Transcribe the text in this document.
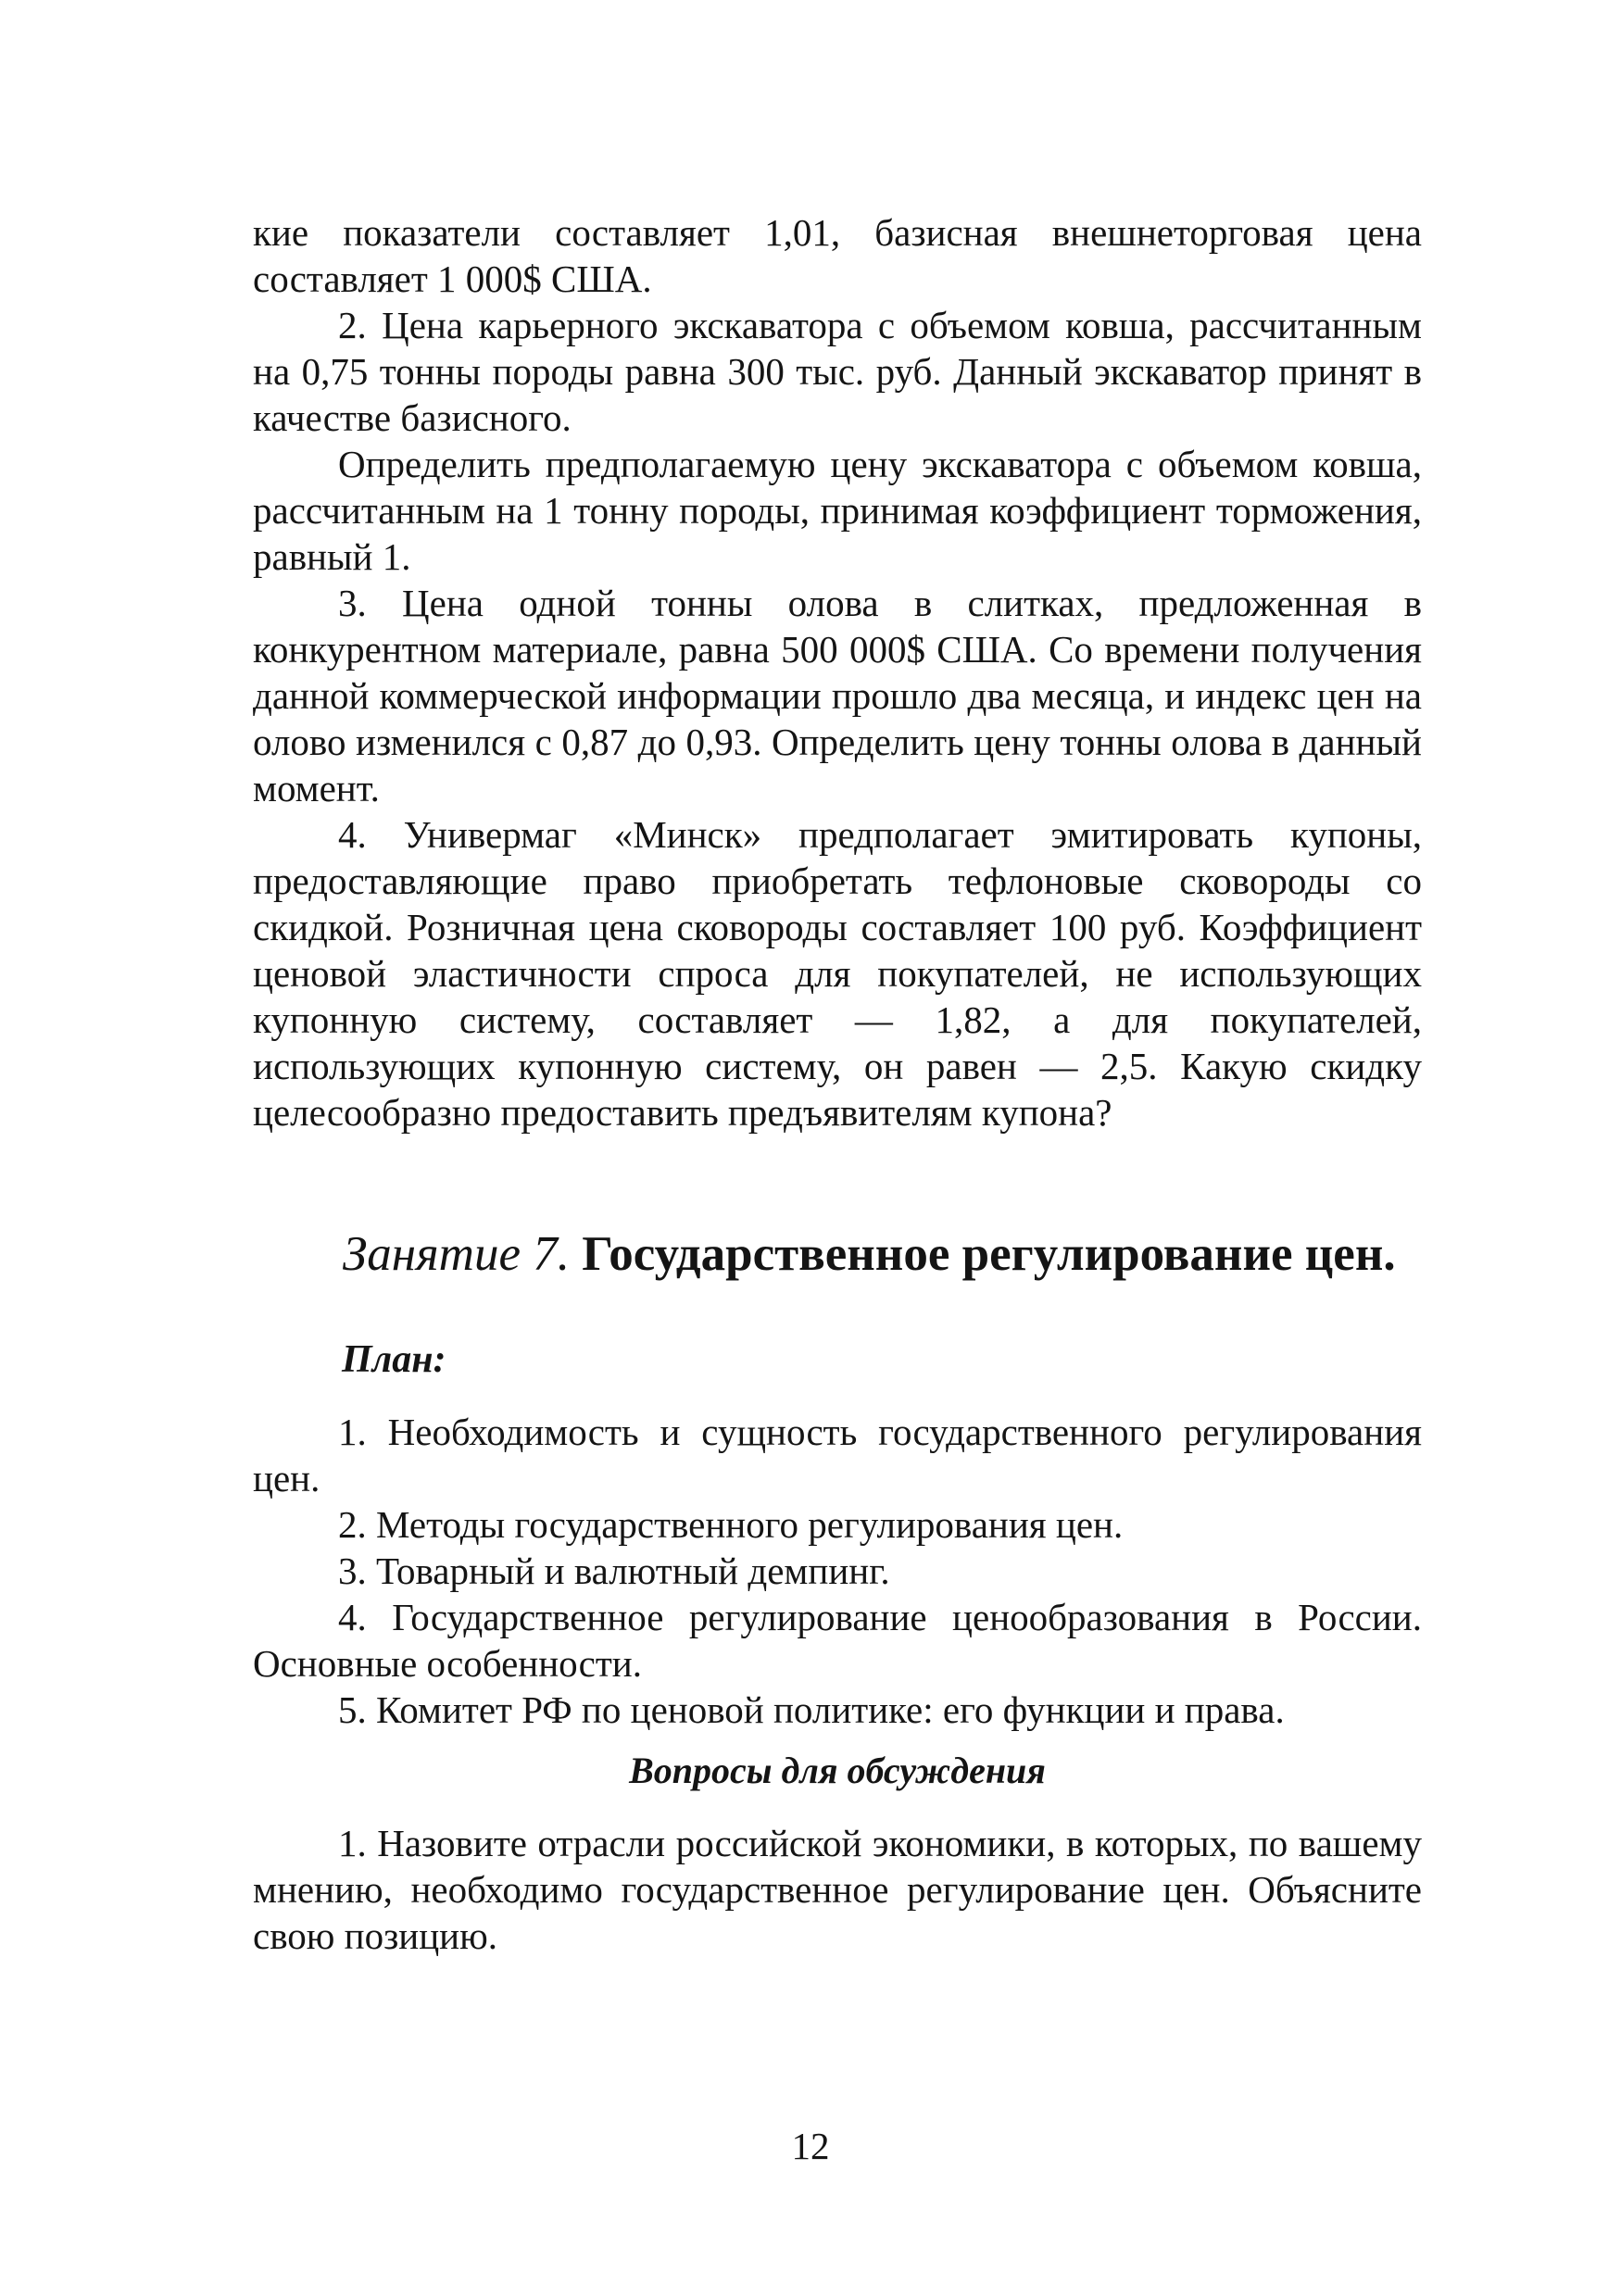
кие показатели составляет 1,01, базисная внешнеторговая цена составляет 1 000$ США.

2. Цена карьерного экскаватора с объемом ковша, рассчитанным на 0,75 тонны породы равна 300 тыс. руб. Данный экскаватор принят в качестве базисного.

Определить предполагаемую цену экскаватора с объемом ковша, рассчитанным на 1 тонну породы, принимая коэффициент торможения, равный 1.

3. Цена одной тонны олова в слитках, предложенная в конкурентном материале, равна 500 000$ США. Со времени получения данной коммерческой информации прошло два месяца, и индекс цен на олово изменился с 0,87 до 0,93. Определить цену тонны олова в данный момент.

4. Универмаг «Минск» предполагает эмитировать купоны, предоставляющие право приобретать тефлоновые сковороды со скидкой. Розничная цена сковороды составляет 100 руб. Коэффициент ценовой эластичности спроса для покупателей, не использующих купонную систему, составляет — 1,82, а для покупателей, использующих купонную систему, он равен — 2,5. Какую скидку целесообразно предоставить предъявителям купона?

Занятие 7. Государственное регулирование цен.
План:

1. Необходимость и сущность государственного регулирования цен.

2. Методы государственного регулирования цен.

3. Товарный и валютный демпинг.

4. Государственное регулирование ценообразования в России. Основные особенности.

5. Комитет РФ по ценовой политике: его функции и права.

Вопросы для обсуждения

1. Назовите отрасли российской экономики, в которых, по вашему мнению, необходимо государственное регулирование цен. Объясните свою позицию.

12
